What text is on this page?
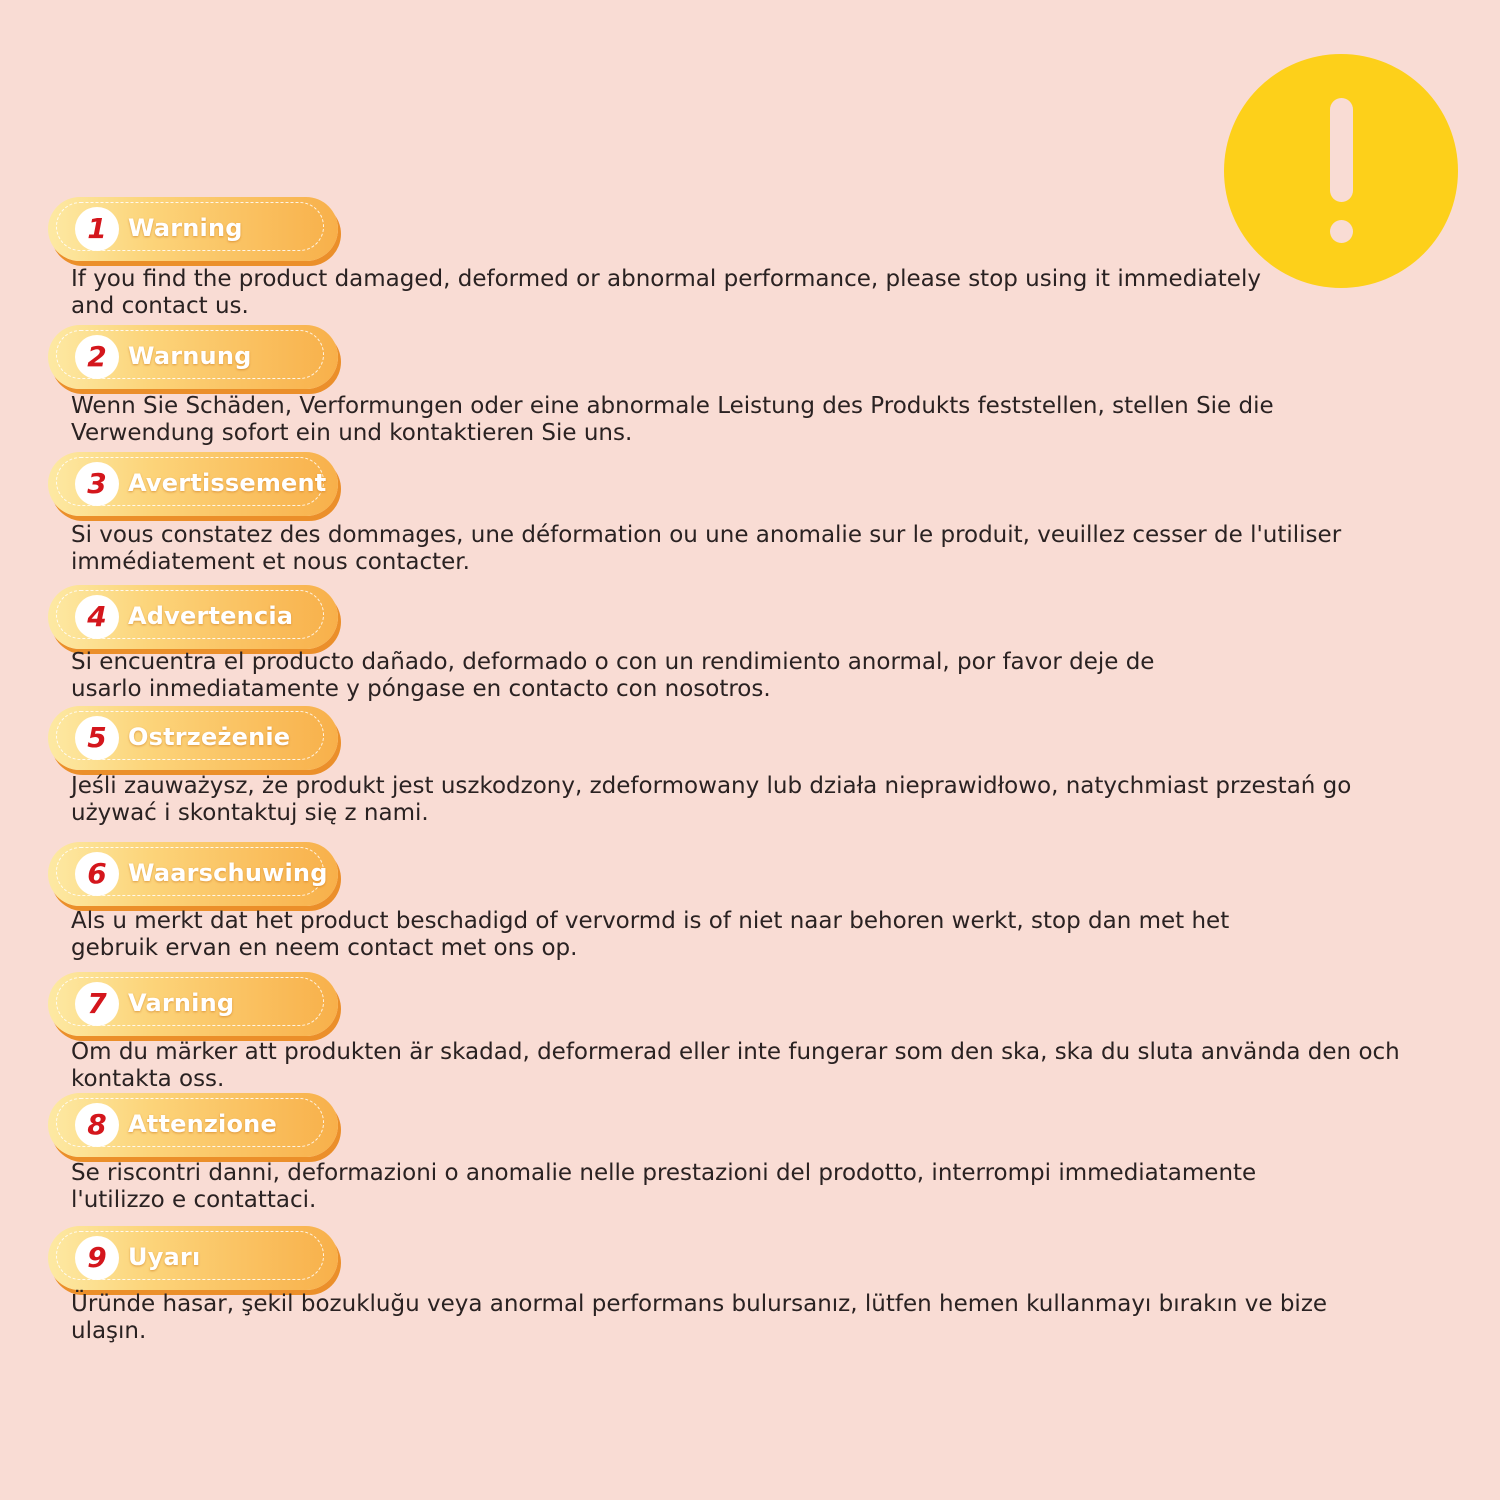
1 Warning
If you find the product damaged, deformed or abnormal performance, please stop using it immediately
and contact us.
2 Warnung
Wenn Sie Schäden, Verformungen oder eine abnormale Leistung des Produkts feststellen, stellen Sie die
Verwendung sofort ein und kontaktieren Sie uns.
3 Avertissement
Si vous constatez des dommages, une déformation ou une anomalie sur le produit, veuillez cesser de l'utiliser
immédiatement et nous contacter.
4 Advertencia
Si encuentra el producto dañado, deformado o con un rendimiento anormal, por favor deje de
usarlo inmediatamente y póngase en contacto con nosotros.
5 Ostrzeżenie
Jeśli zauważysz, że produkt jest uszkodzony, zdeformowany lub działa nieprawidłowo, natychmiast przestań go
używać i skontaktuj się z nami.
6 Waarschuwing
Als u merkt dat het product beschadigd of vervormd is of niet naar behoren werkt, stop dan met het
gebruik ervan en neem contact met ons op.
7 Varning
Om du märker att produkten är skadad, deformerad eller inte fungerar som den ska, ska du sluta använda den och
kontakta oss.
8 Attenzione
Se riscontri danni, deformazioni o anomalie nelle prestazioni del prodotto, interrompi immediatamente
l'utilizzo e contattaci.
9 Uyarı
Üründe hasar, şekil bozukluğu veya anormal performans bulursanız, lütfen hemen kullanmayı bırakın ve bize
ulaşın.
